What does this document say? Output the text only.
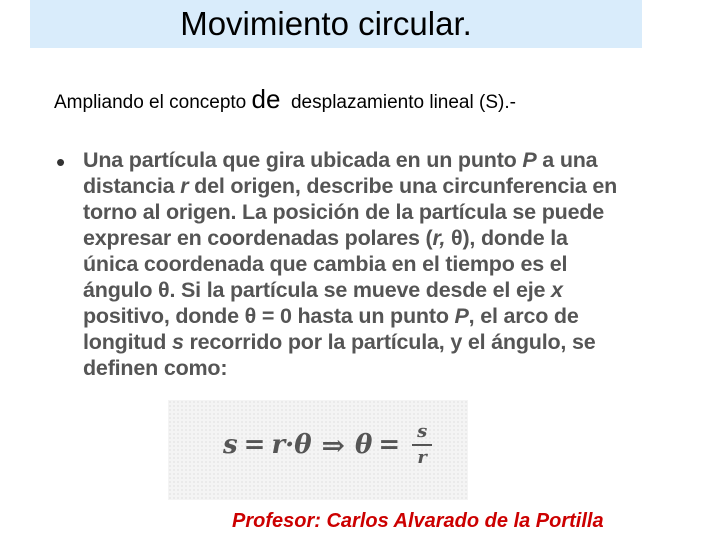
Movimiento circular.
Ampliando el concepto de  desplazamiento lineal (S).-
• Una partícula que gira ubicada en un punto P a una
distancia r del origen, describe una circunferencia en
torno al origen. La posición de la partícula se puede
expresar en coordenadas polares (r, θ), donde la
única coordenada que cambia en el tiempo es el
ángulo θ. Si la partícula se mueve desde el eje x
positivo, donde θ = 0 hasta un punto P, el arco de
longitud s recorrido por la partícula, y el ángulo, se
definen como:
s = r·θ ⇒ $\theta = \frac{s}{r}$
Profesor: Carlos Alvarado de la Portilla
